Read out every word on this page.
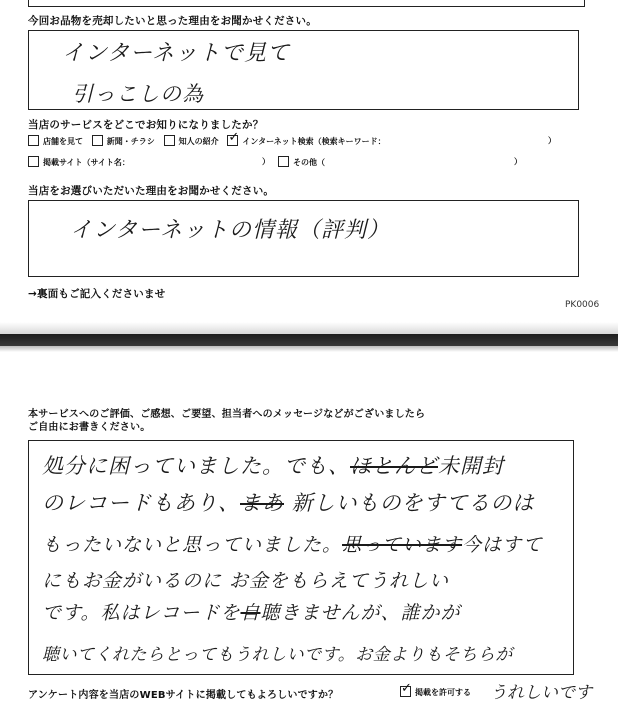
今回お品物を売却したいと思った理由をお聞かせください。
インターネットで見て
引っこしの為
当店のサービスをどこでお知りになりましたか？
店舗を見て	新聞・チラシ	知人の紹介 ✓	インターネット検索（検索キーワード：	）
掲載サイト（サイト名：	）	その他（	）
当店をお選びいただいた理由をお聞かせください。
インターネットの情報（評判）
→裏面もご記入くださいませ
PK0006
本サービスへのご評価、ご感想、ご要望、担当者へのメッセージなどがございましたら
ご自由にお書きください。
処分に困っていました。でも、ほとんど未開封
のレコードもあり、まあ 新しいものをすてるのは
もったいないと思っていました。思っています今はすて
にもお金がいるのに お金をもらえてうれしい
です。私はレコードを自聴きませんが、誰かが
聴いてくれたらとってもうれしいです。お金よりもそちらが
アンケート内容を当店のWEBサイトに掲載してもよろしいですか？ ✓	掲載を許可する うれしいです
